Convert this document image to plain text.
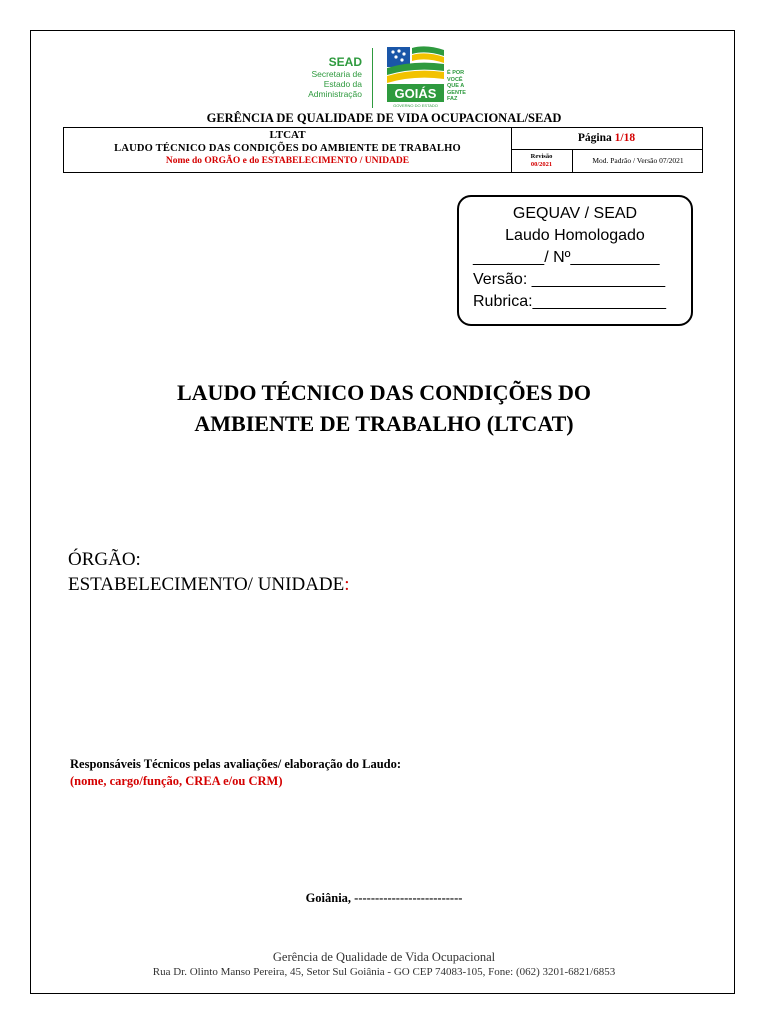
SEAD
Secretaria de
Estado da
Administração	GOIÁS
GOVERNO DO ESTADO
É POR
VOCÊ
QUE A
GENTE
FAZ
GERÊNCIA DE QUALIDADE DE VIDA OCUPACIONAL/SEAD
LTCAT
LAUDO TÉCNICO DAS CONDIÇÕES DO AMBIENTE DE TRABALHO
Nome do ORGÃO e do ESTABELECIMENTO / UNIDADE
Página 1/18
Revisão
00/2021	Mod. Padrão / Versão 07/2021
GEQUAV / SEAD
Laudo Homologado
________/ Nº__________
Versão: _______________
Rubrica:_______________
LAUDO TÉCNICO DAS CONDIÇÕES DO
AMBIENTE DE TRABALHO (LTCAT)
ÓRGÃO:
ESTABELECIMENTO/ UNIDADE:
Responsáveis Técnicos pelas avaliações/ elaboração do Laudo:
(nome, cargo/função, CREA e/ou CRM)
Goiânia, --------------------------
Gerência de Qualidade de Vida Ocupacional
Rua Dr. Olinto Manso Pereira, 45, Setor Sul Goiânia - GO CEP 74083-105, Fone: (062) 3201-6821/6853
